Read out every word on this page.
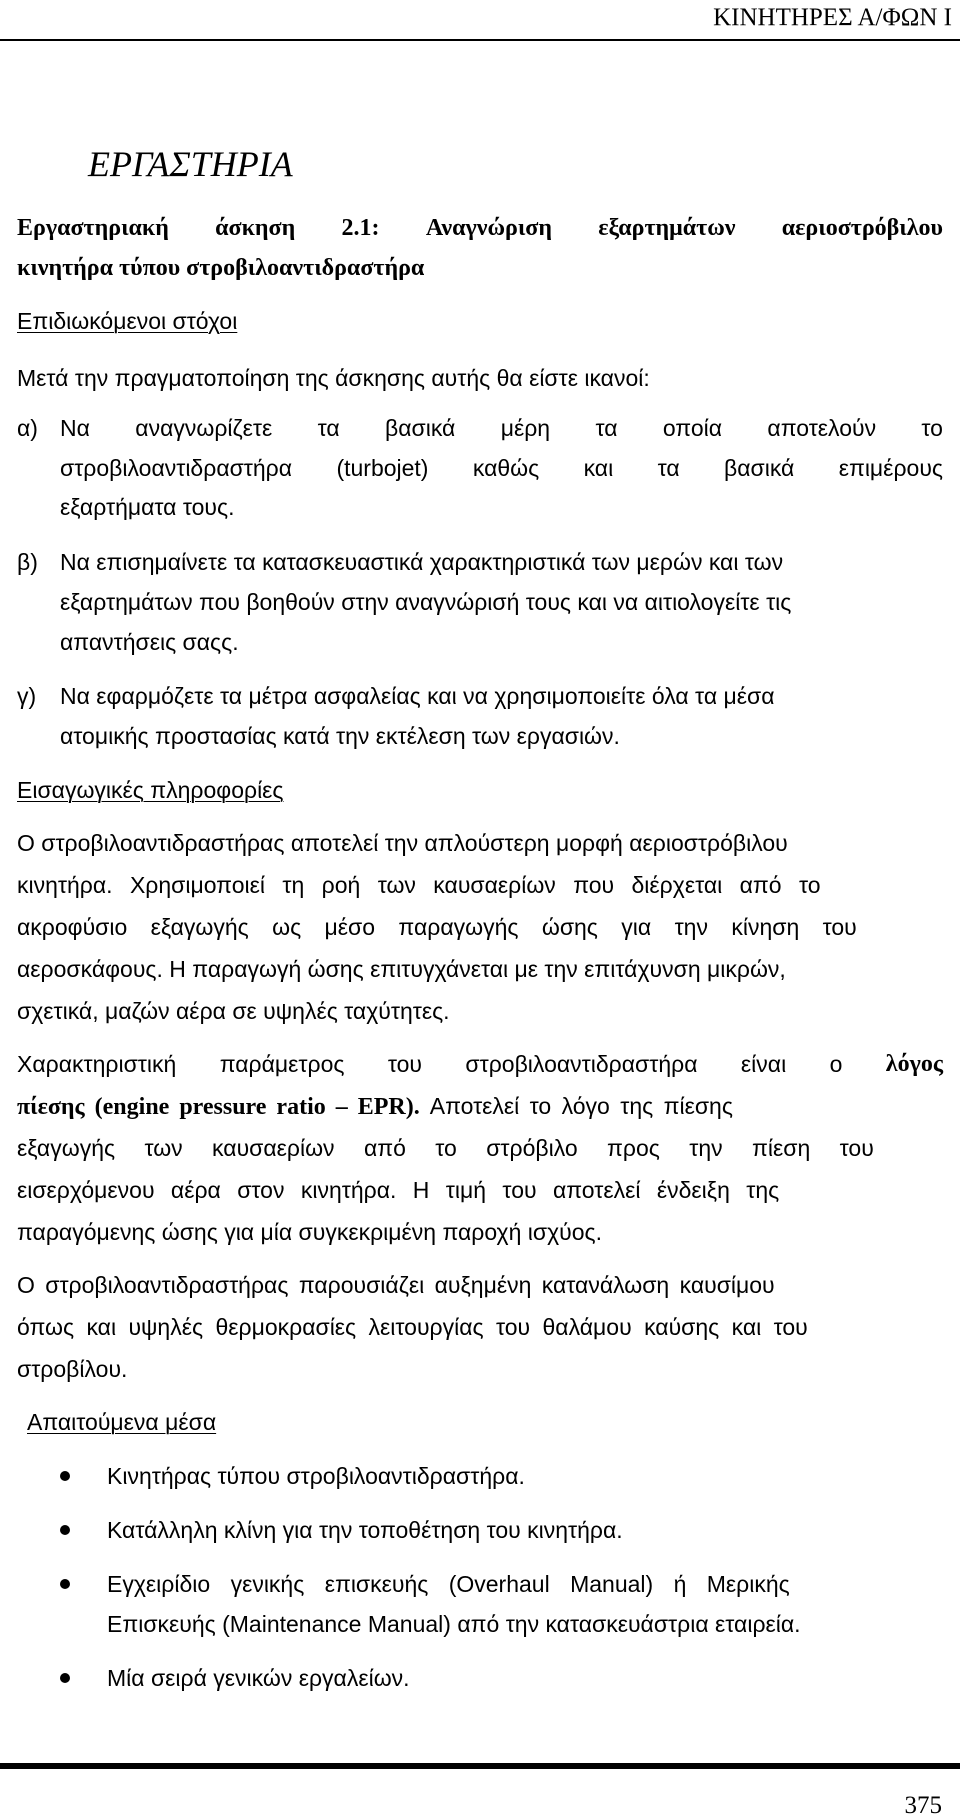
ΚΙΝΗΤΗΡΕΣ Α/ΦΩΝ Ι
ΕΡΓΑΣΤΗΡΙΑ
Εργαστηριακή άσκηση 2.1: Αναγνώριση εξαρτημάτων αεριοστρόβιλου
κινητήρα τύπου στροβιλοαντιδραστήρα
Επιδιωκόμενοι στόχοι
Μετά την πραγματοποίηση της άσκησης αυτής θα είστε ικανοί:
α) Να αναγνωρίζετε τα βασικά μέρη τα οποία αποτελούν το
στροβιλοαντιδραστήρα (turbojet) καθώς και τα βασικά επιμέρους
εξαρτήματα τους.
β) Να επισημαίνετε τα κατασκευαστικά χαρακτηριστικά των μερών και των
εξαρτημάτων που βοηθούν στην αναγνώρισή τους και να αιτιολογείτε τις
απαντήσεις σαςς.
γ) Να εφαρμόζετε τα μέτρα ασφαλείας και να χρησιμοποιείτε όλα τα μέσα
ατομικής προστασίας κατά την εκτέλεση των εργασιών.
Εισαγωγικές πληροφορίες
Ο στροβιλοαντιδραστήρας αποτελεί την απλούστερη μορφή αεριοστρόβιλου
κινητήρα. Χρησιμοποιεί τη ροή των καυσαερίων που διέρχεται από το
ακροφύσιο εξαγωγής ως μέσο παραγωγής ώσης για την κίνηση του
αεροσκάφους. Η παραγωγή ώσης επιτυγχάνεται με την επιτάχυνση μικρών,
σχετικά, μαζών αέρα σε υψηλές ταχύτητες.
Χαρακτηριστική παράμετρος του στροβιλοαντιδραστήρα είναι ο λόγος
πίεσης (engine pressure ratio – EPR). Αποτελεί το λόγο της πίεσης
εξαγωγής των καυσαερίων από το στρόβιλο προς την πίεση του
εισερχόμενου αέρα στον κινητήρα. Η τιμή του αποτελεί ένδειξη της
παραγόμενης ώσης για μία συγκεκριμένη παροχή ισχύος.
Ο στροβιλοαντιδραστήρας παρουσιάζει αυξημένη κατανάλωση καυσίμου
όπως και υψηλές θερμοκρασίες λειτουργίας του θαλάμου καύσης και του
στροβίλου.
Απαιτούμενα μέσα
Κινητήρας τύπου στροβιλοαντιδραστήρα.
Κατάλληλη κλίνη για την τοποθέτηση του κινητήρα.
Εγχειρίδιο γενικής επισκευής (Overhaul Manual) ή Μερικής
Επισκευής (Maintenance Manual) από την κατασκευάστρια εταιρεία.
Μία σειρά γενικών εργαλείων.
375
